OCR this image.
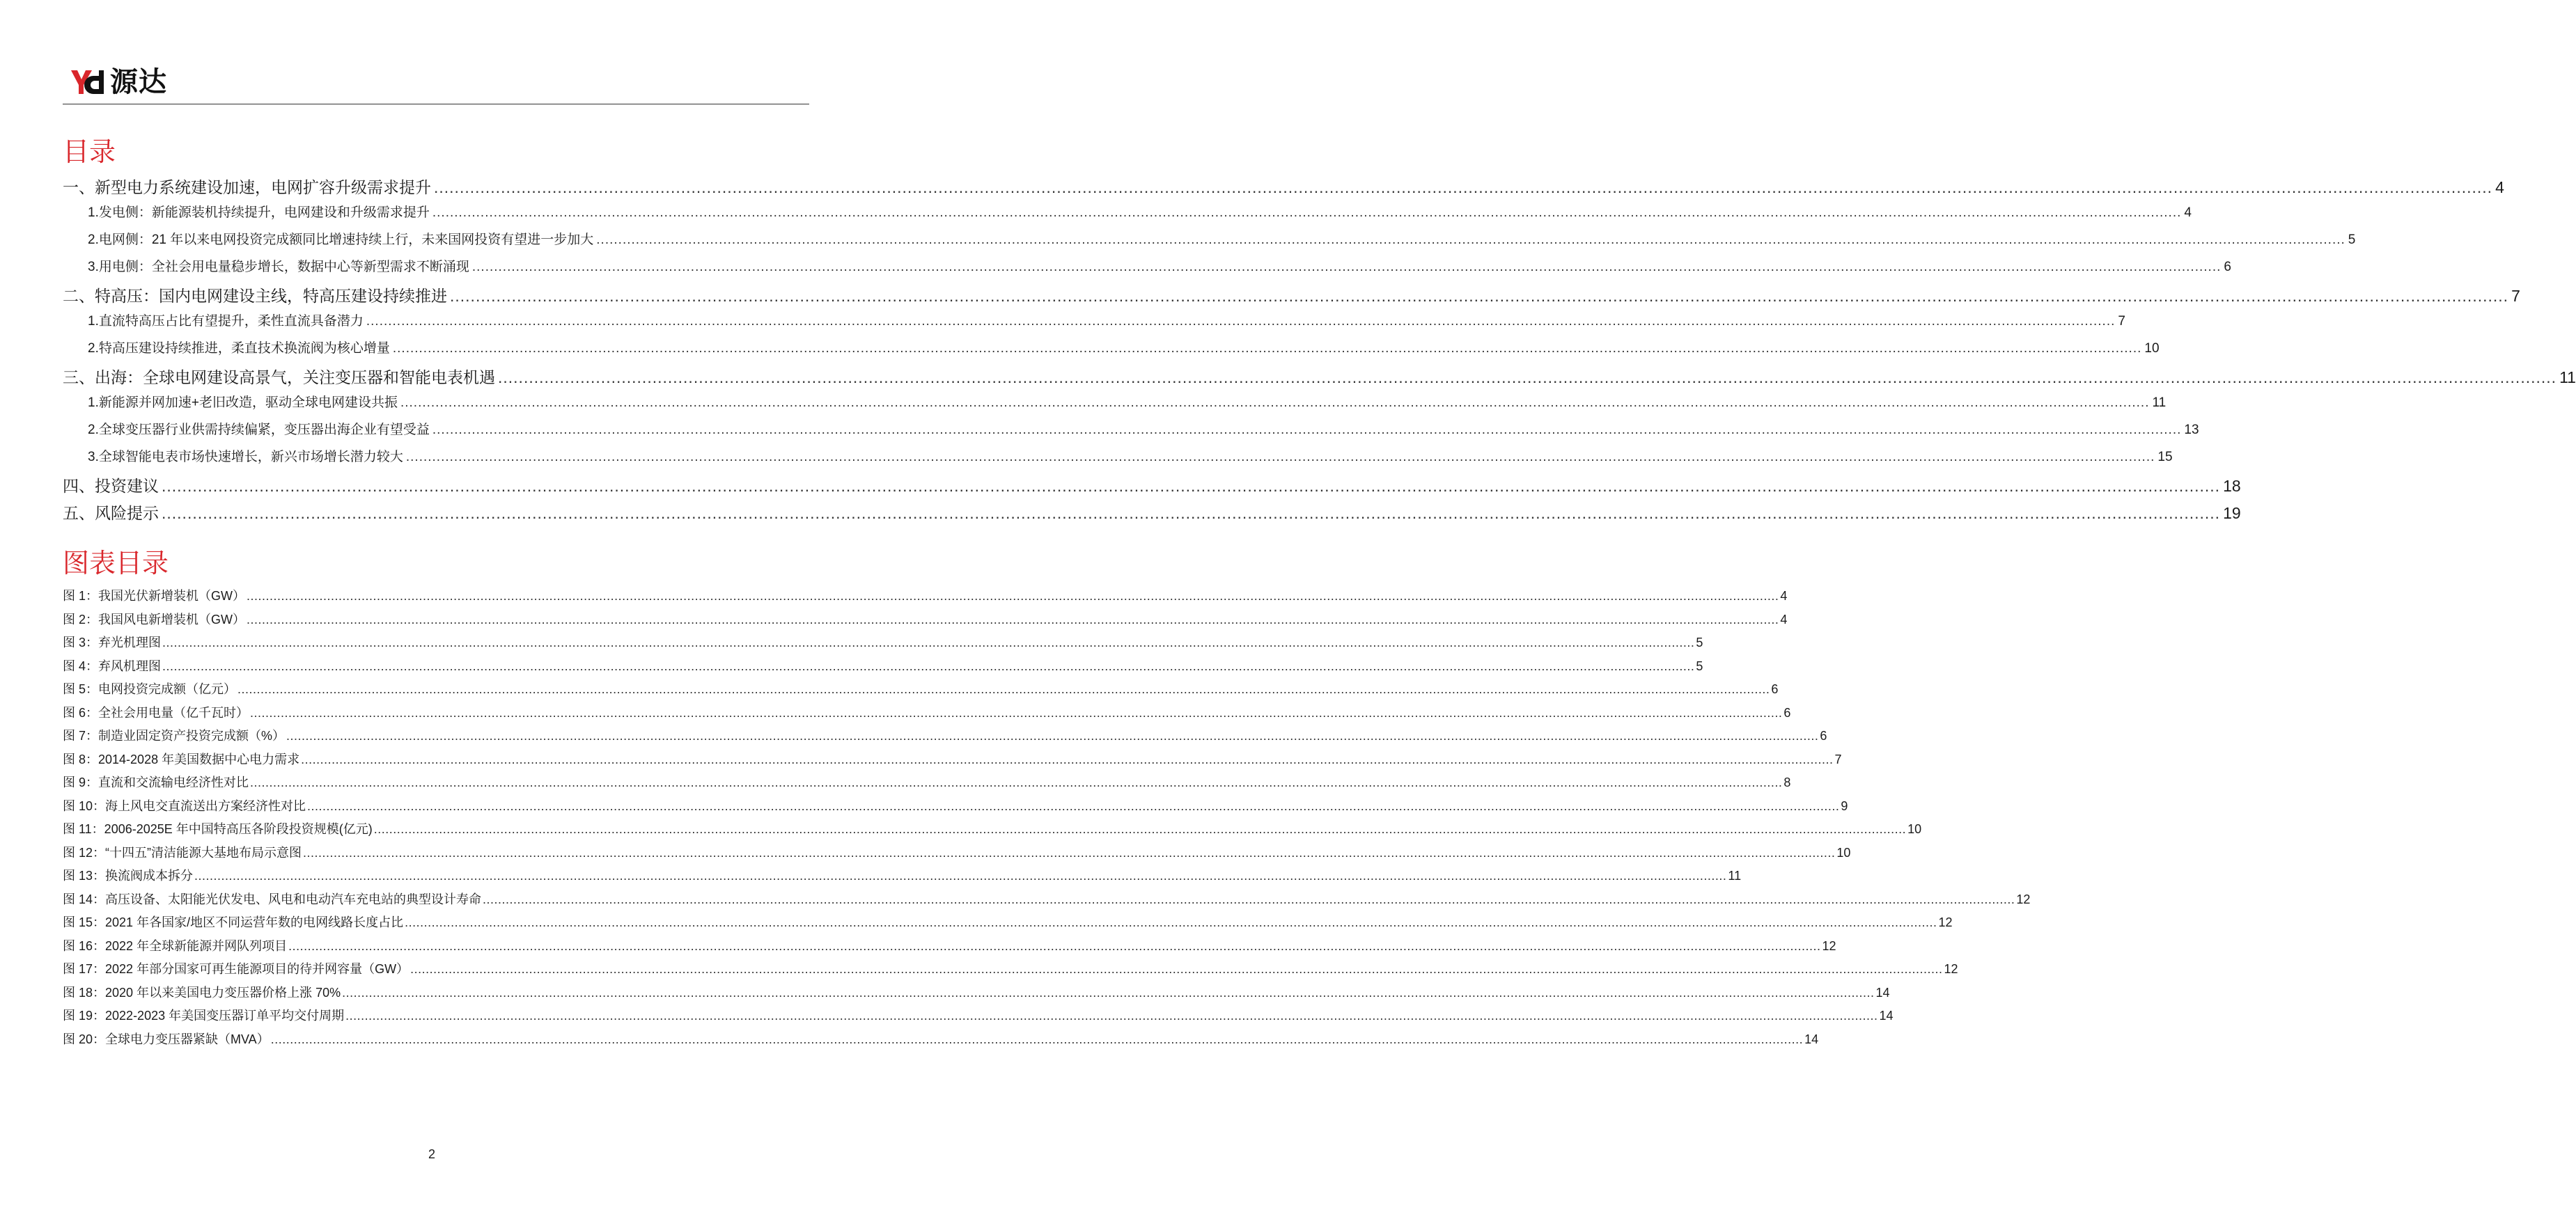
源达
目录
一、新型电力系统建设加速，电网扩容升级需求提升 ................................................................................................................................................................................................................................................................................................................................................................................................................ 4
1.发电侧：新能源装机持续提升，电网建设和升级需求提升 ................................................................................................................................................................................................................................................................................................................................................................................................................ 4
2.电网侧：21 年以来电网投资完成额同比增速持续上行，未来国网投资有望进一步加大 ................................................................................................................................................................................................................................................................................................................................................................................................................ 5
3.用电侧：全社会用电量稳步增长，数据中心等新型需求不断涌现 ................................................................................................................................................................................................................................................................................................................................................................................................................ 6
二、特高压：国内电网建设主线，特高压建设持续推进 ................................................................................................................................................................................................................................................................................................................................................................................................................ 7
1.直流特高压占比有望提升，柔性直流具备潜力 ................................................................................................................................................................................................................................................................................................................................................................................................................ 7
2.特高压建设持续推进，柔直技术换流阀为核心增量 ................................................................................................................................................................................................................................................................................................................................................................................................................ 10
三、出海：全球电网建设高景气，关注变压器和智能电表机遇 ................................................................................................................................................................................................................................................................................................................................................................................................................ 11
1.新能源并网加速+老旧改造，驱动全球电网建设共振 ................................................................................................................................................................................................................................................................................................................................................................................................................ 11
2.全球变压器行业供需持续偏紧，变压器出海企业有望受益 ................................................................................................................................................................................................................................................................................................................................................................................................................ 13
3.全球智能电表市场快速增长，新兴市场增长潜力较大 ................................................................................................................................................................................................................................................................................................................................................................................................................ 15
四、投资建议 ................................................................................................................................................................................................................................................................................................................................................................................................................ 18
五、风险提示 ................................................................................................................................................................................................................................................................................................................................................................................................................ 19
图表目录
图 1：我国光伏新增装机（GW） ................................................................................................................................................................................................................................................................................................................................................................................................................ 4
图 2：我国风电新增装机（GW） ................................................................................................................................................................................................................................................................................................................................................................................................................ 4
图 3：弃光机理图 ................................................................................................................................................................................................................................................................................................................................................................................................................ 5
图 4：弃风机理图 ................................................................................................................................................................................................................................................................................................................................................................................................................ 5
图 5：电网投资完成额（亿元） ................................................................................................................................................................................................................................................................................................................................................................................................................ 6
图 6：全社会用电量（亿千瓦时） ................................................................................................................................................................................................................................................................................................................................................................................................................ 6
图 7：制造业固定资产投资完成额（%） ................................................................................................................................................................................................................................................................................................................................................................................................................ 6
图 8：2014-2028 年美国数据中心电力需求 ................................................................................................................................................................................................................................................................................................................................................................................................................ 7
图 9：直流和交流输电经济性对比 ................................................................................................................................................................................................................................................................................................................................................................................................................ 8
图 10：海上风电交直流送出方案经济性对比 ................................................................................................................................................................................................................................................................................................................................................................................................................ 9
图 11：2006-2025E 年中国特高压各阶段投资规模(亿元) ................................................................................................................................................................................................................................................................................................................................................................................................................ 10
图 12：“十四五”清洁能源大基地布局示意图 ................................................................................................................................................................................................................................................................................................................................................................................................................ 10
图 13：换流阀成本拆分 ................................................................................................................................................................................................................................................................................................................................................................................................................ 11
图 14：高压设备、太阳能光伏发电、风电和电动汽车充电站的典型设计寿命 ................................................................................................................................................................................................................................................................................................................................................................................................................ 12
图 15：2021 年各国家/地区不同运营年数的电网线路长度占比 ................................................................................................................................................................................................................................................................................................................................................................................................................ 12
图 16：2022 年全球新能源并网队列项目 ................................................................................................................................................................................................................................................................................................................................................................................................................ 12
图 17：2022 年部分国家可再生能源项目的待并网容量（GW） ................................................................................................................................................................................................................................................................................................................................................................................................................ 12
图 18：2020 年以来美国电力变压器价格上涨 70% ................................................................................................................................................................................................................................................................................................................................................................................................................ 14
图 19：2022-2023 年美国变压器订单平均交付周期 ................................................................................................................................................................................................................................................................................................................................................................................................................ 14
图 20：全球电力变压器紧缺（MVA） ................................................................................................................................................................................................................................................................................................................................................................................................................ 14
2
